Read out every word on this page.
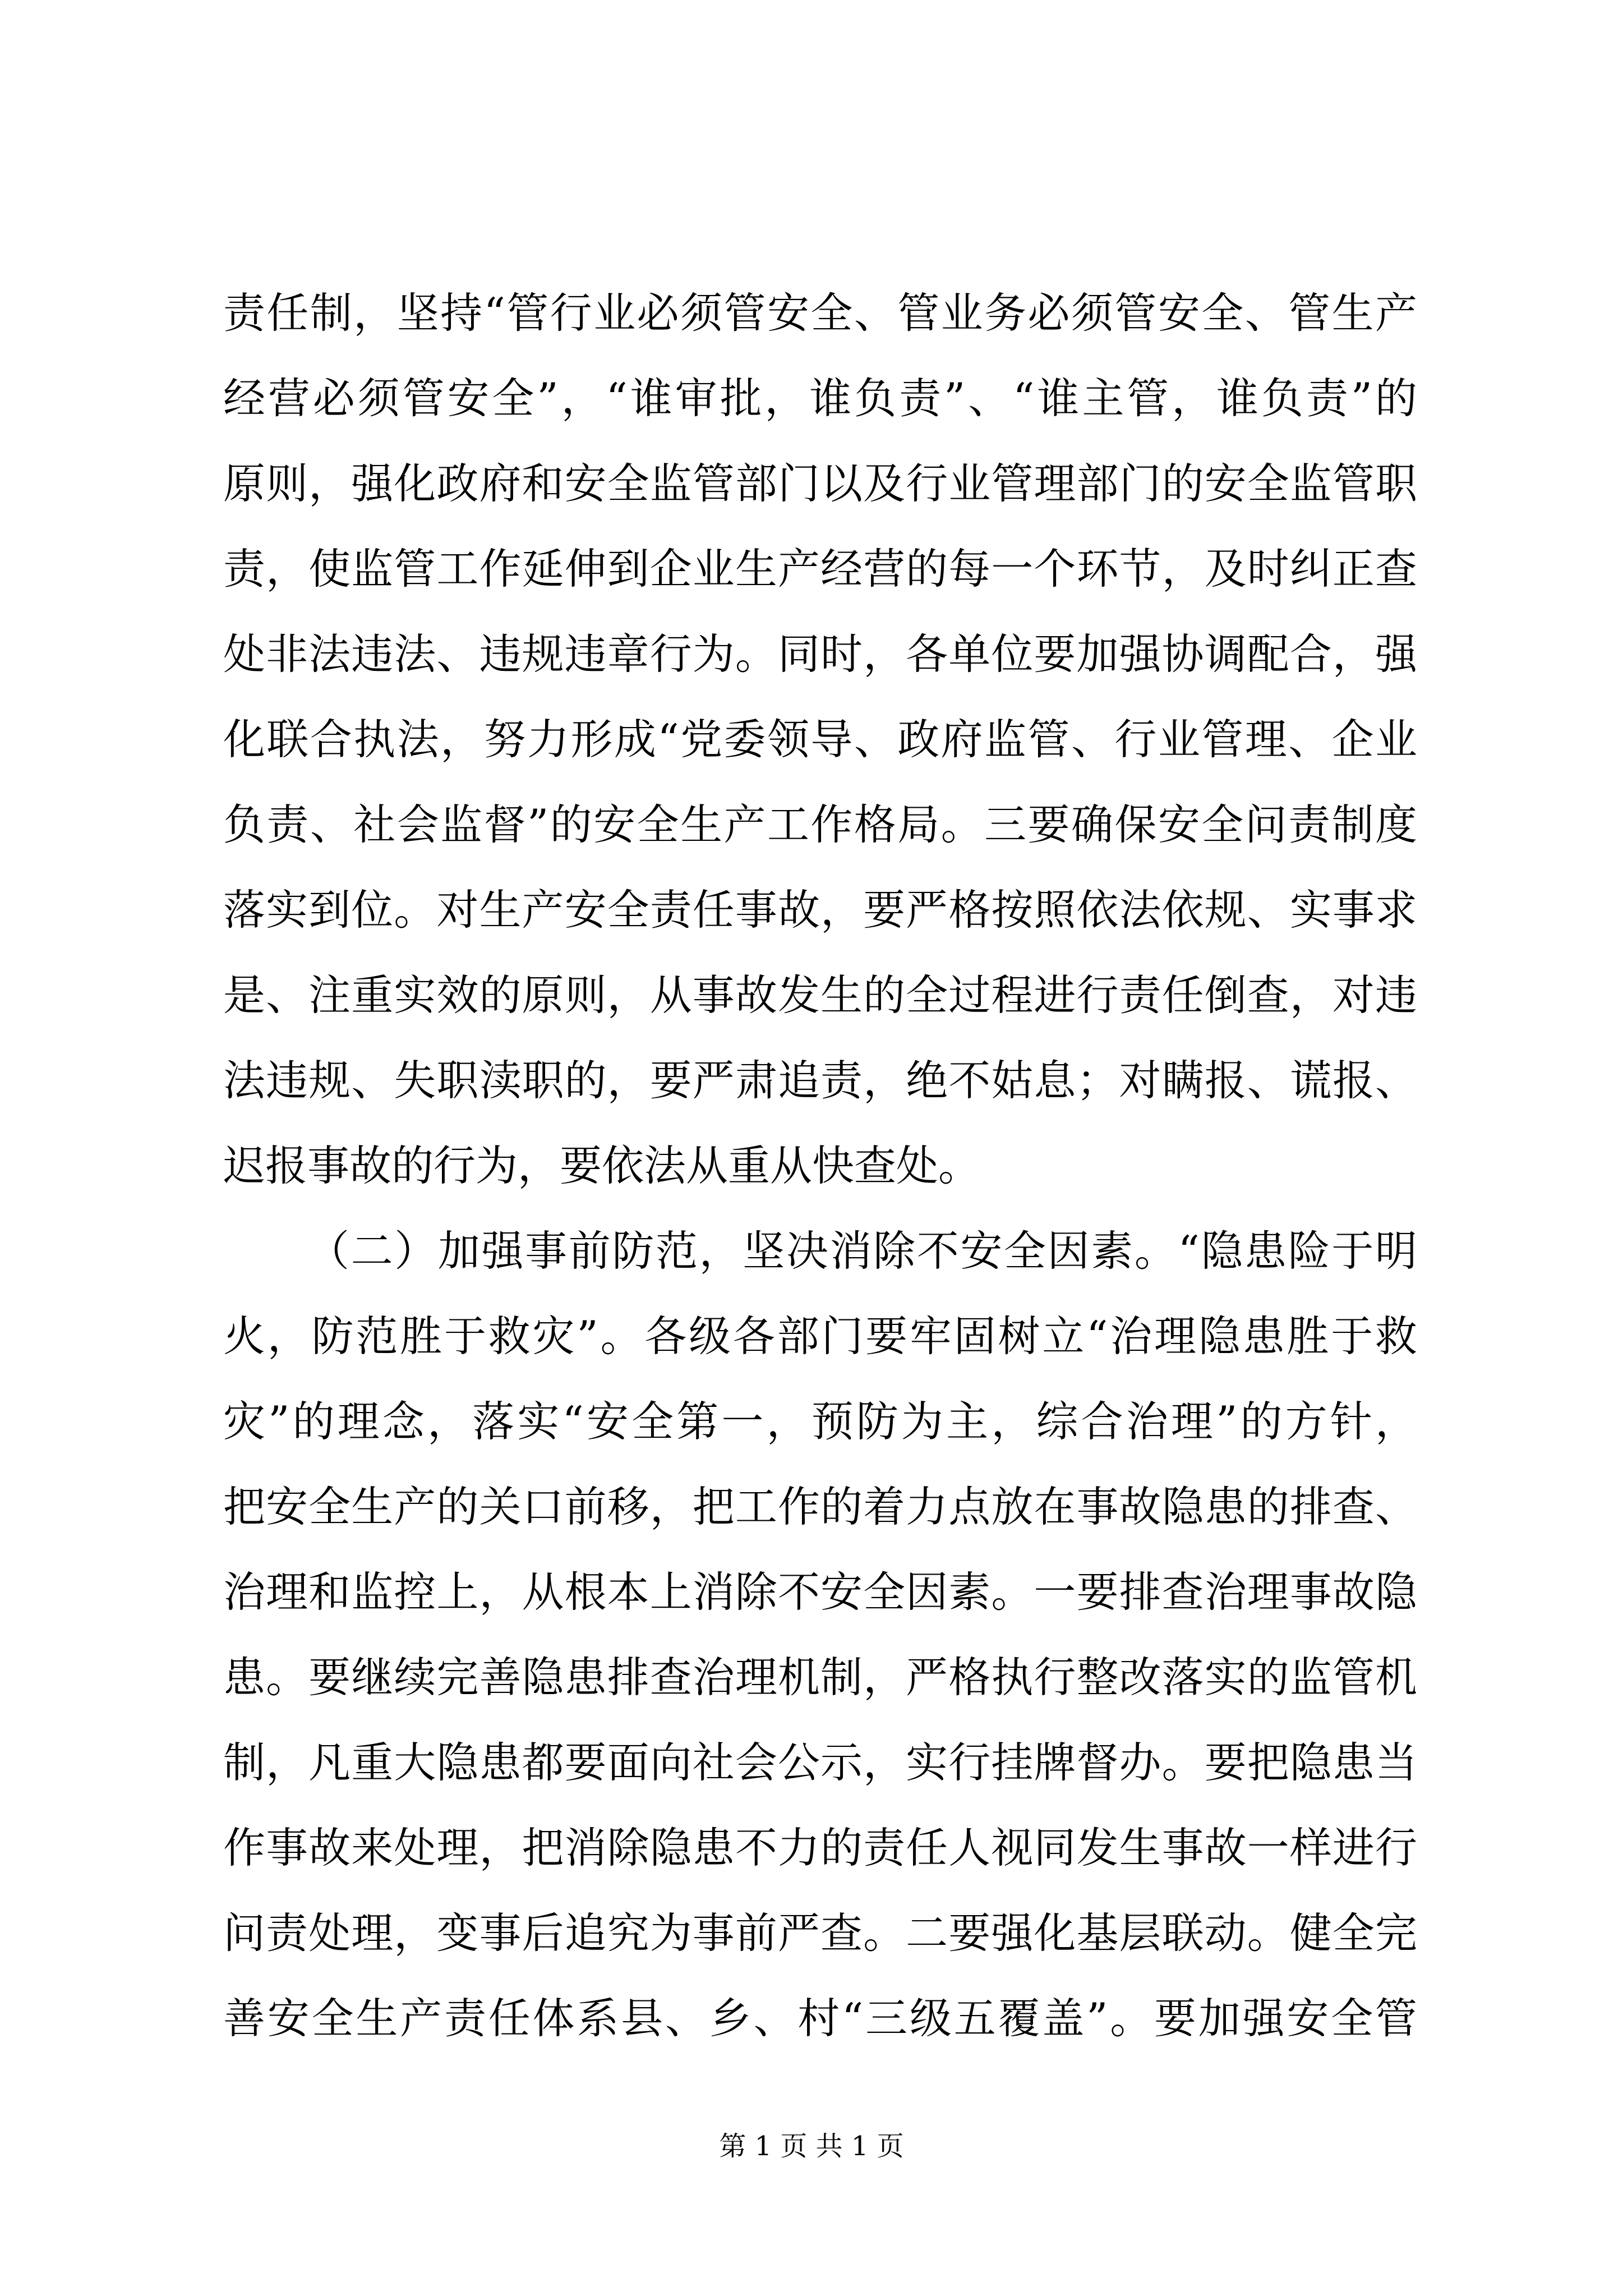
责任制，坚持“管行业必须管安全、管业务必须管安全、管生产
经营必须管安全”，“谁审批，谁负责”、“谁主管，谁负责”的
原则，强化政府和安全监管部门以及行业管理部门的安全监管职
责，使监管工作延伸到企业生产经营的每一个环节，及时纠正查
处非法违法、违规违章行为。同时，各单位要加强协调配合，强
化联合执法，努力形成“党委领导、政府监管、行业管理、企业
负责、社会监督”的安全生产工作格局。三要确保安全问责制度
落实到位。对生产安全责任事故，要严格按照依法依规、实事求
是、注重实效的原则，从事故发生的全过程进行责任倒查，对违
法违规、失职渎职的，要严肃追责，绝不姑息；对瞒报、谎报、
迟报事故的行为，要依法从重从快查处。
（二）加强事前防范，坚决消除不安全因素。“隐患险于明
火，防范胜于救灾”。各级各部门要牢固树立“治理隐患胜于救
灾”的理念，落实“安全第一，预防为主，综合治理”的方针，
把安全生产的关口前移，把工作的着力点放在事故隐患的排查、
治理和监控上，从根本上消除不安全因素。一要排查治理事故隐
患。要继续完善隐患排查治理机制，严格执行整改落实的监管机
制，凡重大隐患都要面向社会公示，实行挂牌督办。要把隐患当
作事故来处理，把消除隐患不力的责任人视同发生事故一样进行
问责处理，变事后追究为事前严查。二要强化基层联动。健全完
善安全生产责任体系县、乡、村“三级五覆盖”。要加强安全管
第 1 页 共 1 页
